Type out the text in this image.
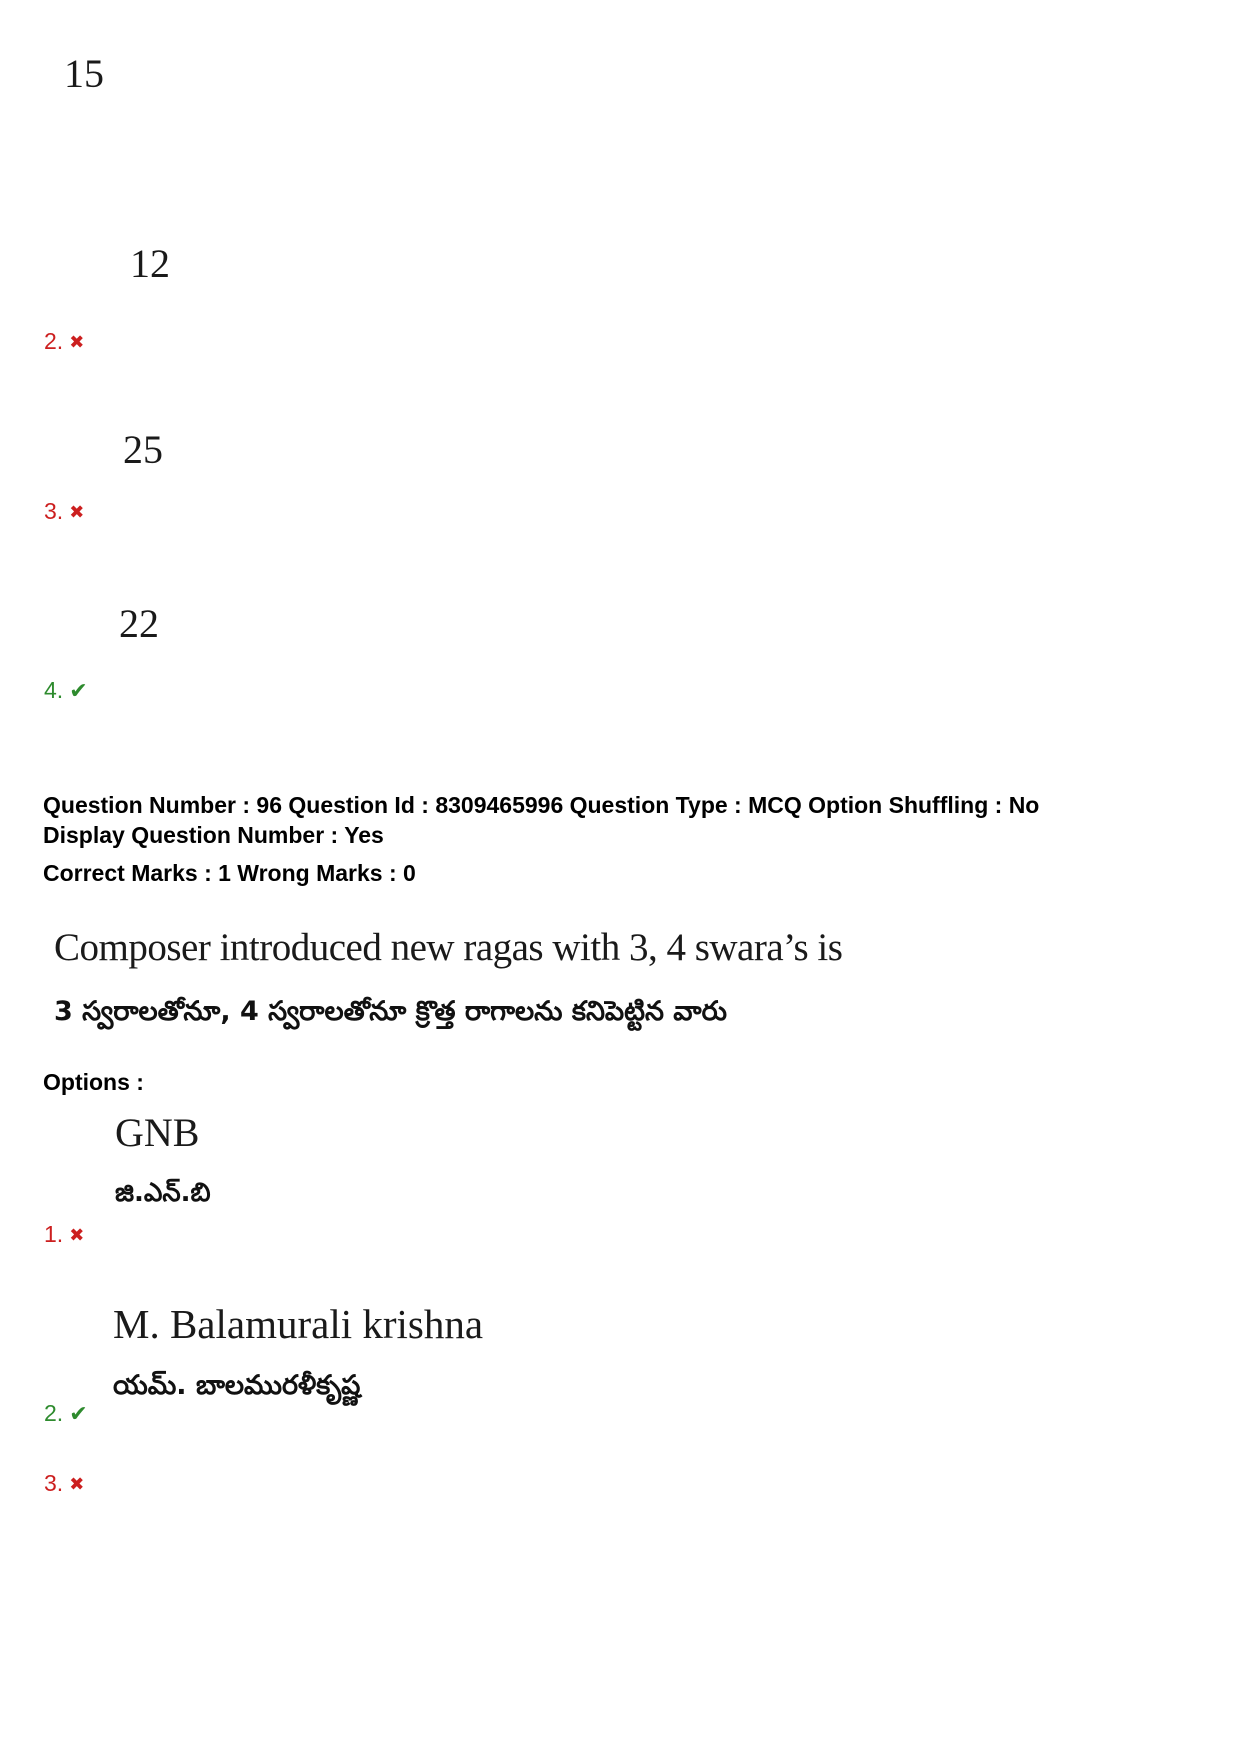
15
12
2. ✖
25
3. ✖
22
4. ✔
Question Number : 96 Question Id : 8309465996 Question Type : MCQ Option Shuffling : No
Display Question Number : Yes
Correct Marks : 1 Wrong Marks : 0
Composer introduced new ragas with 3, 4 swara’s is
3 స్వరాలతోనూ, 4 స్వరాలతోనూ క్రొత్త రాగాలను కనిపెట్టిన వారు
Options :
GNB
జి.ఎన్.బి
1. ✖
M. Balamurali krishna
యమ్. బాలమురళీకృష్ణ
2. ✔
3. ✖
